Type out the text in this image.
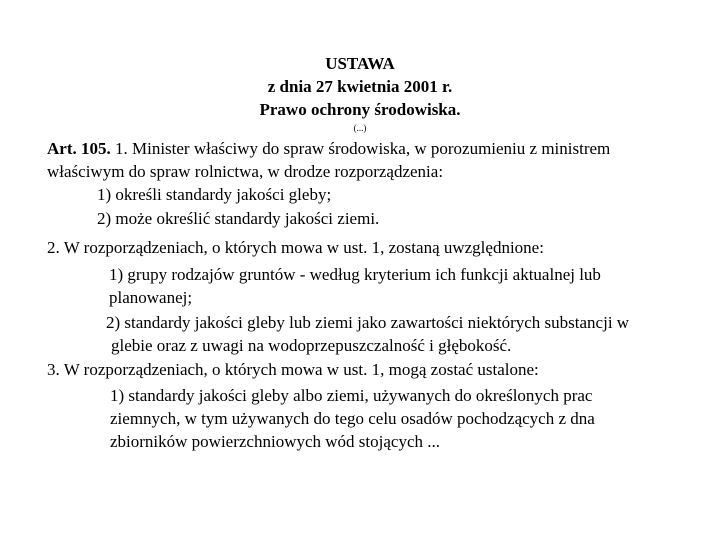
USTAWA
z dnia 27 kwietnia 2001 r.
Prawo ochrony środowiska.
(...)
Art. 105. 1. Minister właściwy do spraw środowiska, w porozumieniu z ministrem
właściwym do spraw rolnictwa, w drodze rozporządzenia:
1) określi standardy jakości gleby;
2) może określić standardy jakości ziemi.
2. W rozporządzeniach, o których mowa w ust. 1, zostaną uwzględnione:
1) grupy rodzajów gruntów - według kryterium ich funkcji aktualnej lub
planowanej;
2) standardy jakości gleby lub ziemi jako zawartości niektórych substancji w
glebie oraz z uwagi na wodoprzepuszczalność i głębokość.
3. W rozporządzeniach, o których mowa w ust. 1, mogą zostać ustalone:
1) standardy jakości gleby albo ziemi, używanych do określonych prac
ziemnych, w tym używanych do tego celu osadów pochodzących z dna
zbiorników powierzchniowych wód stojących ...
